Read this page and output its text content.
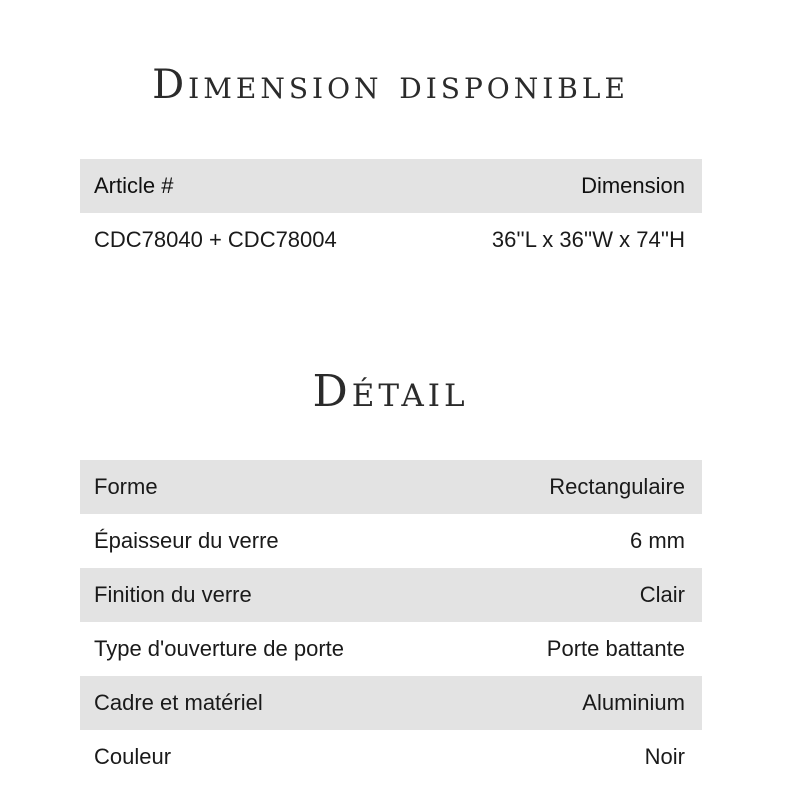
Dimension disponible
Article #	Dimension
CDC78040 + CDC78004	36''L x 36''W x 74''H
Détail
Forme	Rectangulaire
Épaisseur du verre	6 mm
Finition du verre	Clair
Type d'ouverture de porte	Porte battante
Cadre et matériel	Aluminium
Couleur	Noir
